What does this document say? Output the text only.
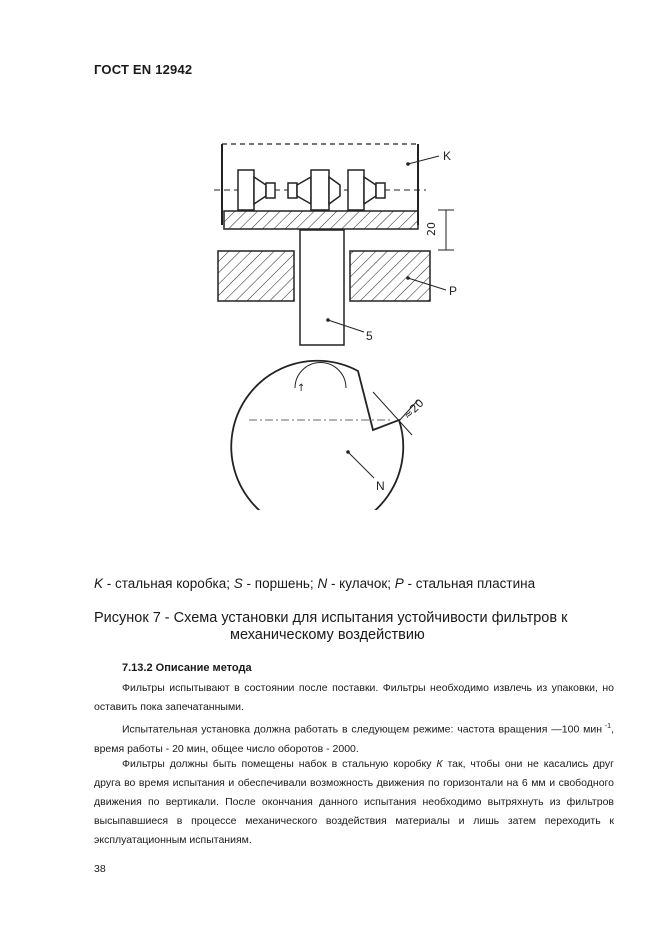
ГОСТ EN 12942
↑
20
≈20
K
P
5
N
K - стальная коробка; S - поршень; N - кулачок; P - стальная пластина
Рисунок 7 - Схема установки для испытания устойчивости фильтров к
механическому воздействию
7.13.2 Описание метода
Фильтры испытывают в состоянии после поставки. Фильтры необходимо извлечь из упаковки, но оставить пока запечатанными.
Испытательная установка должна работать в следующем режиме: частота вращения —100 мин $^{-1}$, время работы - 20 мин, общее число оборотов - 2000.
Фильтры должны быть помещены набок в стальную коробку К так, чтобы они не касались друг друга во время испытания и обеспечивали возможность движения по горизонтали на 6 мм и свободного движения по вертикали. После окончания данного испытания необходимо вытряхнуть из фильтров высыпавшиеся в процессе механического воздействия материалы и лишь затем переходить к эксплуатационным испытаниям.
38
